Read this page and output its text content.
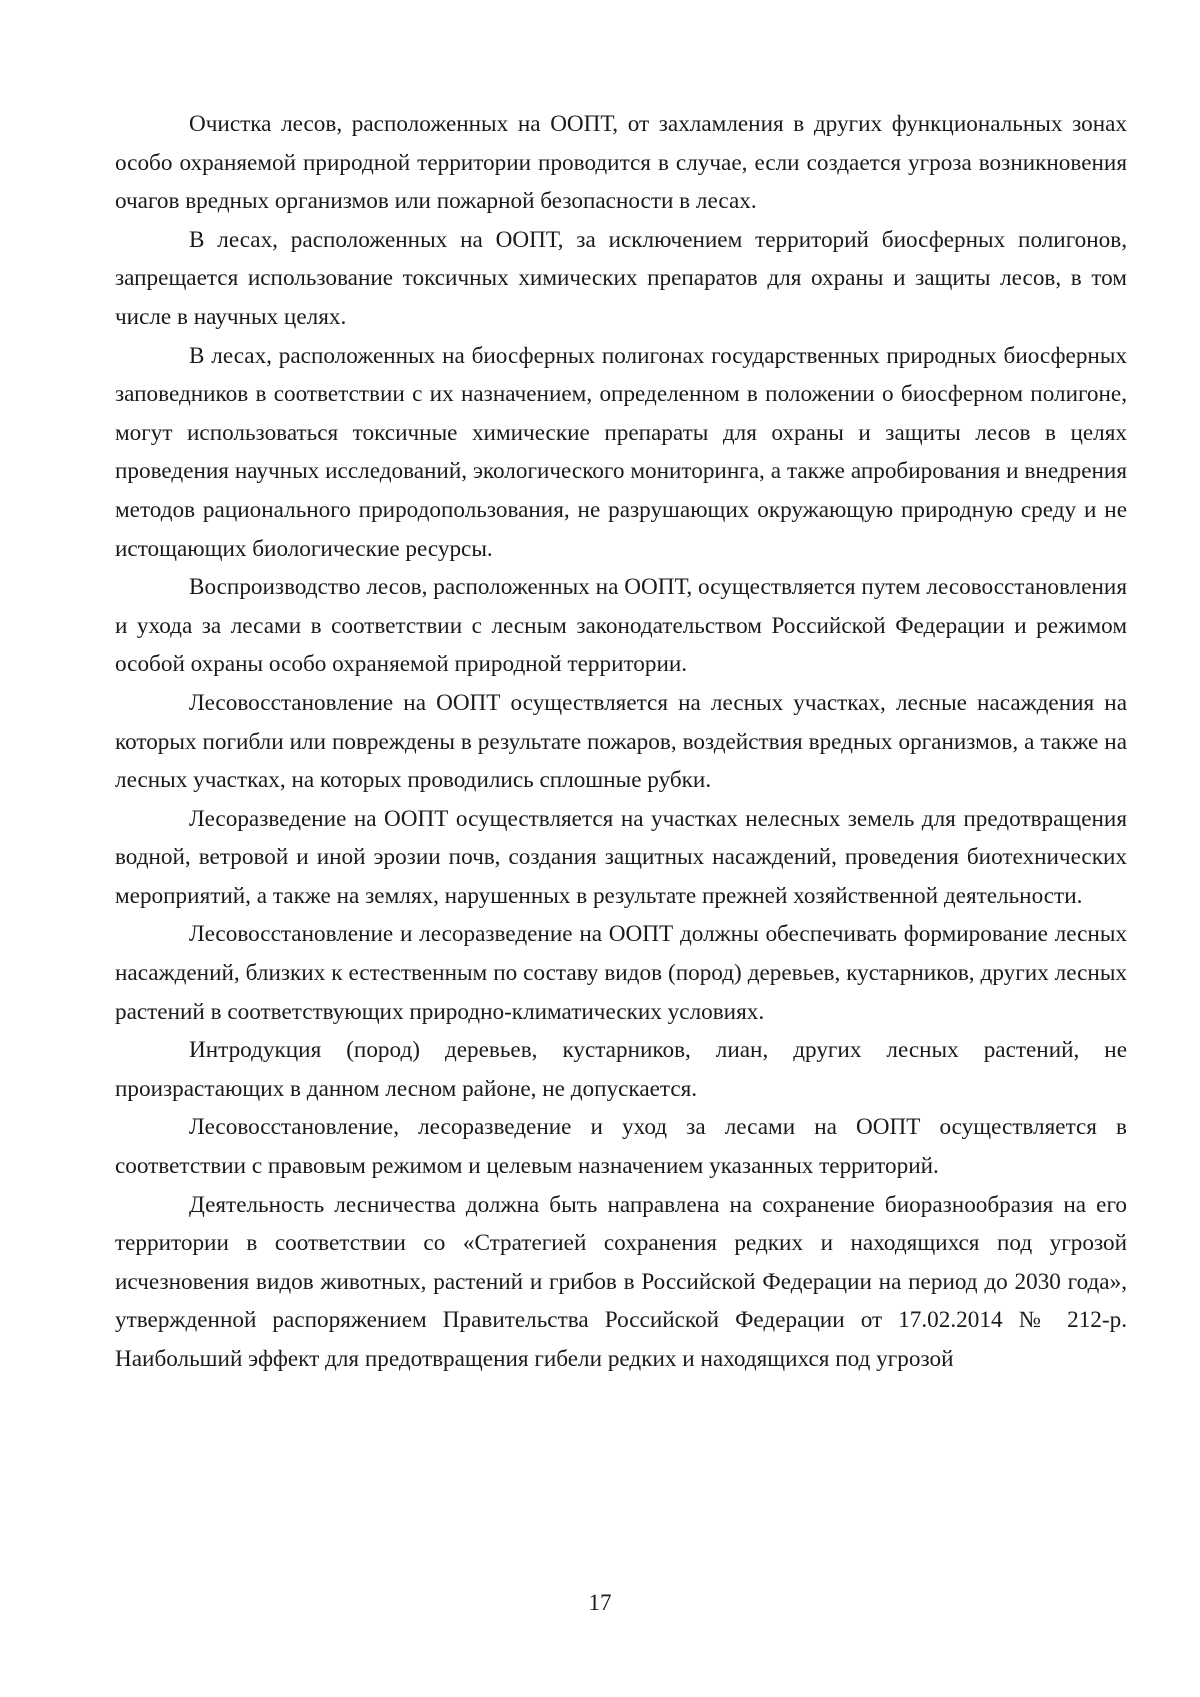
Очистка лесов, расположенных на ООПТ, от захламления в других функциональных зонах особо охраняемой природной территории проводится в случае, если создается угроза возникновения очагов вредных организмов или пожарной безопасности в лесах.

В лесах, расположенных на ООПТ, за исключением территорий биосферных полигонов, запрещается использование токсичных химических препаратов для охраны и защиты лесов, в том числе в научных целях.

В лесах, расположенных на биосферных полигонах государственных природных биосферных заповедников в соответствии с их назначением, определенном в положении о биосферном полигоне, могут использоваться токсичные химические препараты для охраны и защиты лесов в целях проведения научных исследований, экологического мониторинга, а также апробирования и внедрения методов рационального природопользования, не разрушающих окружающую природную среду и не истощающих биологические ресурсы.

Воспроизводство лесов, расположенных на ООПТ, осуществляется путем лесовосстановления и ухода за лесами в соответствии с лесным законодательством Российской Федерации и режимом особой охраны особо охраняемой природной территории.

Лесовосстановление на ООПТ осуществляется на лесных участках, лесные насаждения на которых погибли или повреждены в результате пожаров, воздействия вредных организмов, а также на лесных участках, на которых проводились сплошные рубки.

Лесоразведение на ООПТ осуществляется на участках нелесных земель для предотвращения водной, ветровой и иной эрозии почв, создания защитных насаждений, проведения биотехнических мероприятий, а также на землях, нарушенных в результате прежней хозяйственной деятельности.

Лесовосстановление и лесоразведение на ООПТ должны обеспечивать формирование лесных насаждений, близких к естественным по составу видов (пород) деревьев, кустарников, других лесных растений в соответствующих природно-климатических условиях.

Интродукция (пород) деревьев, кустарников, лиан, других лесных растений, не произрастающих в данном лесном районе, не допускается.

Лесовосстановление, лесоразведение и уход за лесами на ООПТ осуществляется в соответствии с правовым режимом и целевым назначением указанных территорий.

Деятельность лесничества должна быть направлена на сохранение биоразнообразия на его территории в соответствии со «Стратегией сохранения редких и находящихся под угрозой исчезновения видов животных, растений и грибов в Российской Федерации на период до 2030 года», утвержденной распоряжением Правительства Российской Федерации от 17.02.2014 № 212-р. Наибольший эффект для предотвращения гибели редких и находящихся под угрозой

17
